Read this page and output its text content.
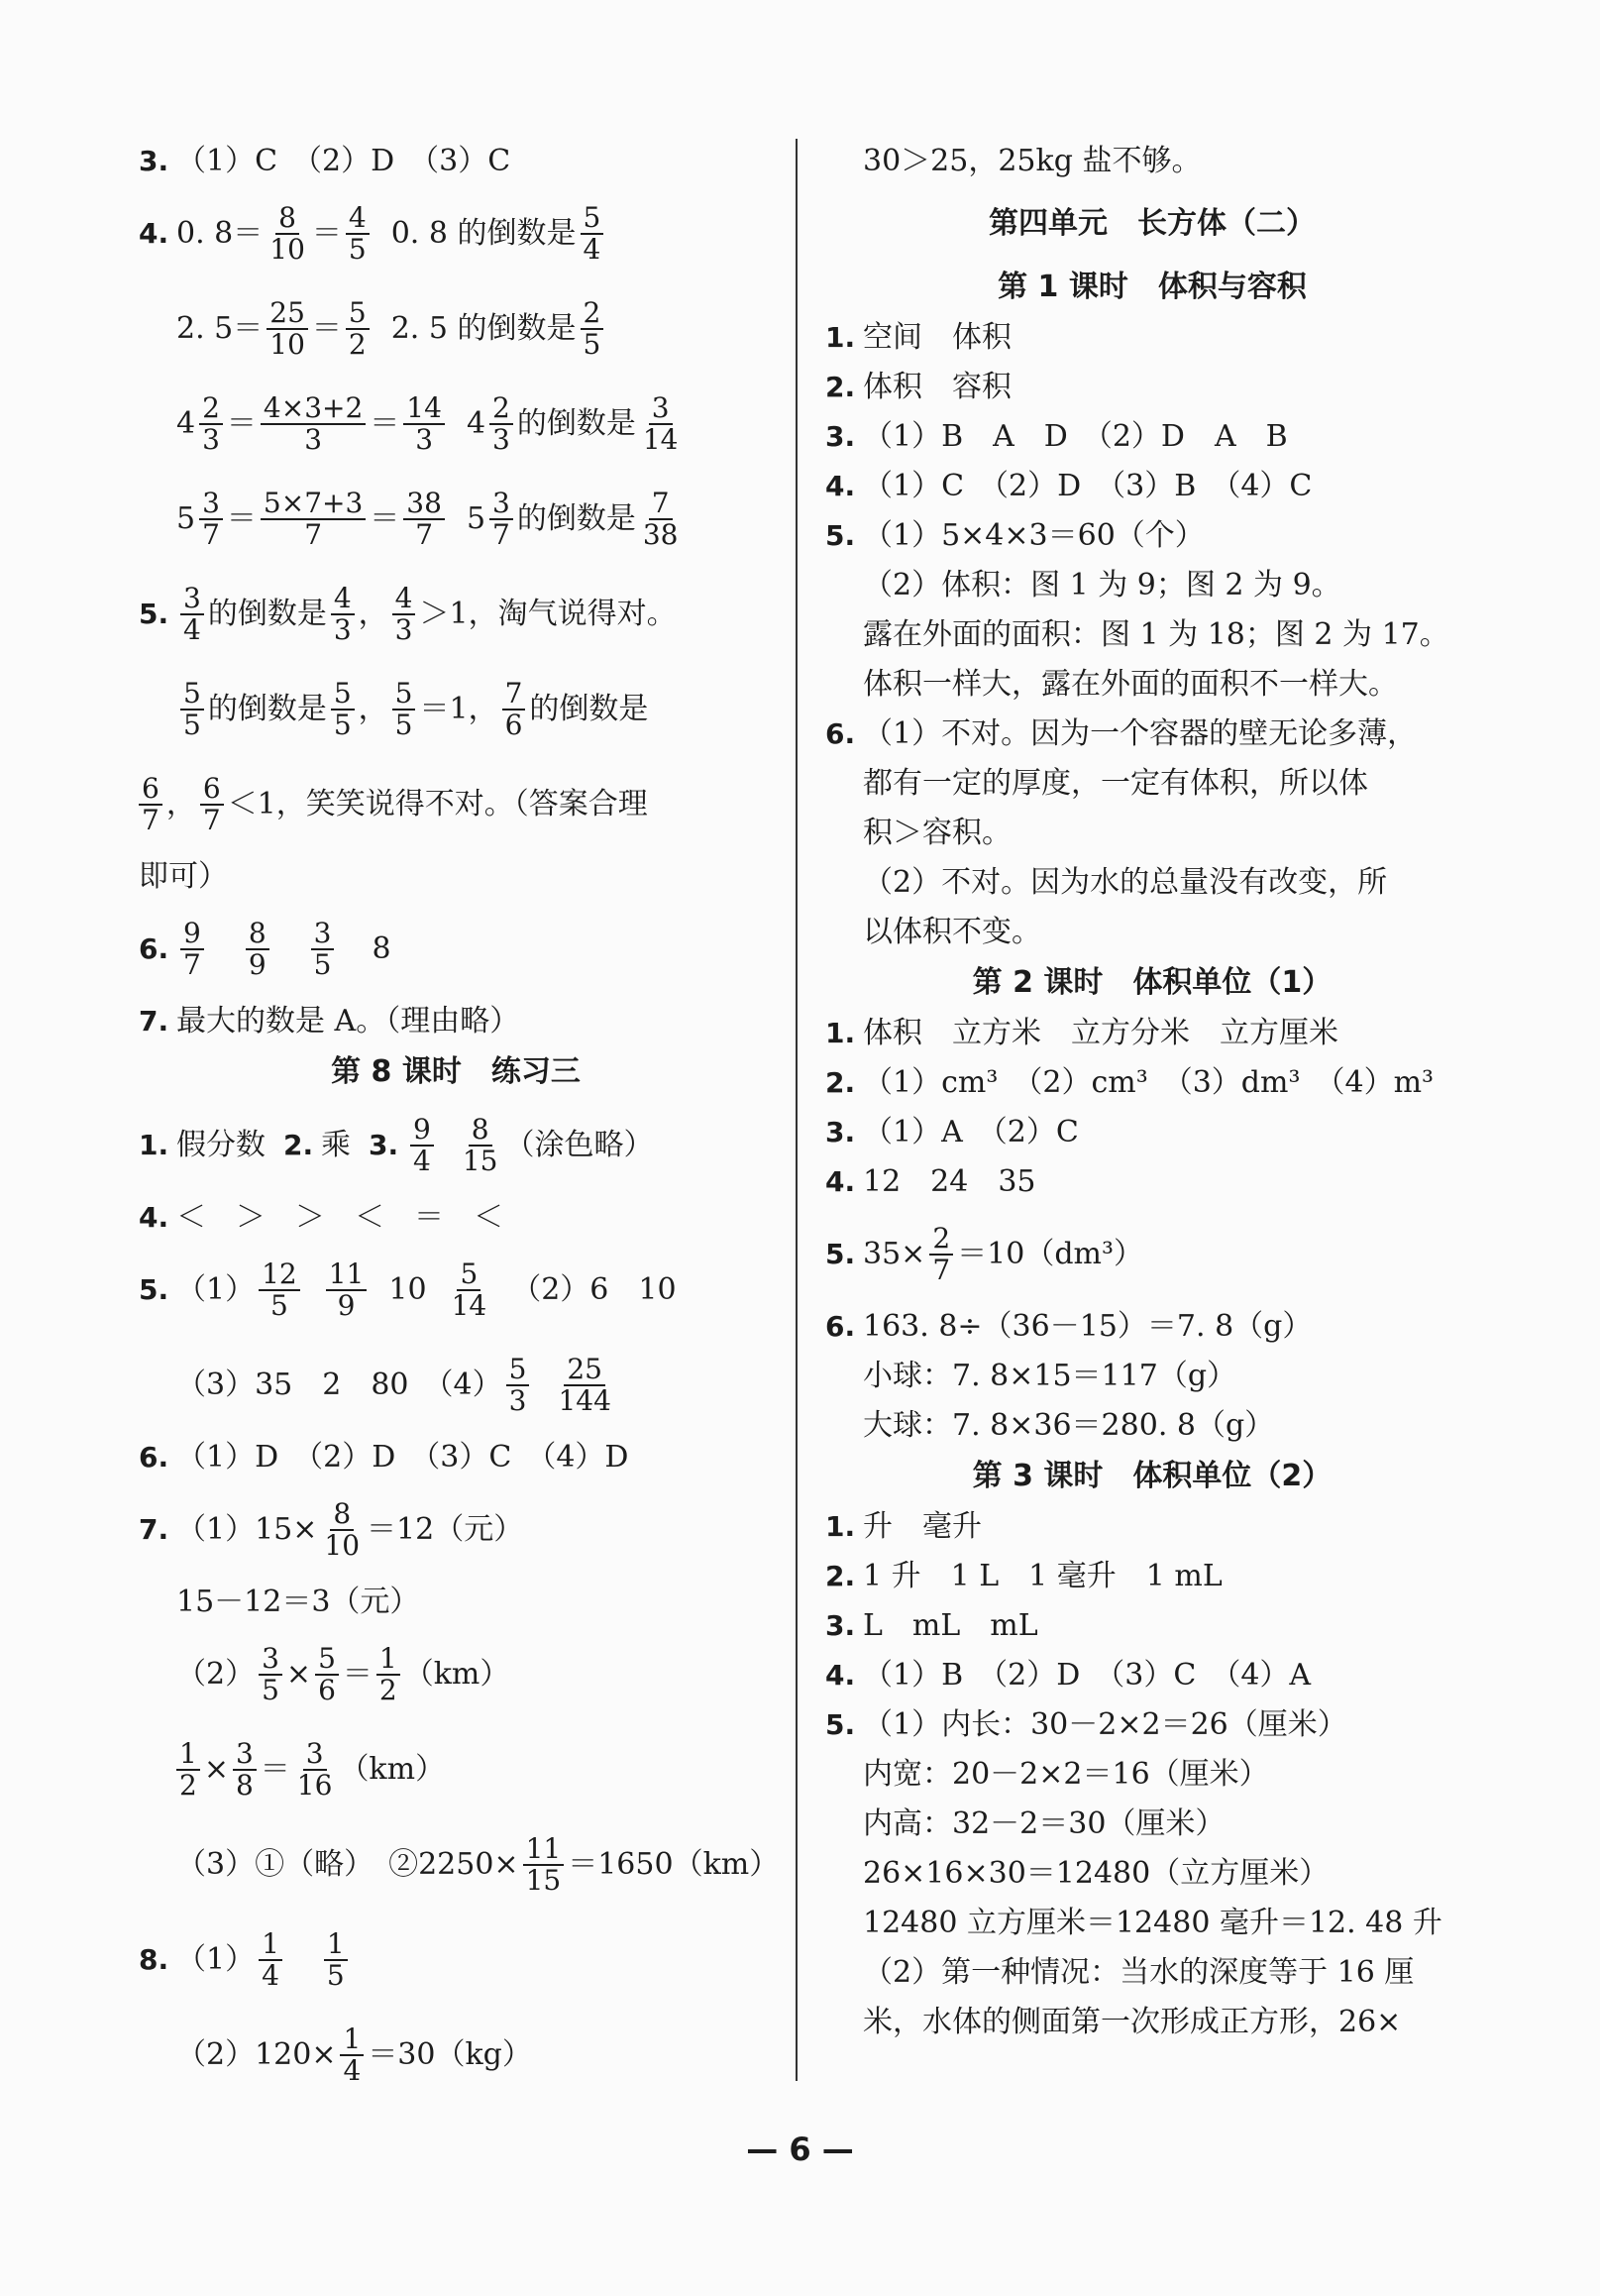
3. （1）C　（2）D　（3）C
4. 0. $8= \frac{8}{10} = \frac{4}{5} 0$. 8 的倒数是 $\frac{5}{4}$
2. $5= \frac{25}{10} = \frac{5}{2} 2$. 5 的倒数是 $\frac{2}{5}$
$4 \frac{2}{3} = \frac{4\times 3+2}{3} = \frac{14}{3} 4 \frac{2}{3}$ 的倒数是 $\frac{3}{14}$
$5 \frac{3}{7} = \frac{5\times 7+3}{7} = \frac{38}{7} 5 \frac{3}{7}$ 的倒数是 $\frac{7}{38}$
5. $\frac{3}{4}$ 的倒数是 $\frac{4}{3}$ ， $\frac{4}{3} >1$，淘气说得对。
$\frac{5}{5}$ 的倒数是 $\frac{5}{5}$ ， $\frac{5}{5} =1$， $\frac{7}{6}$ 的倒数是
$\frac{6}{7}$ ， $\frac{6}{7} <1$，笑笑说得不对。（答案合理
即可）
6. $\frac{9}{7} \frac{8}{9} \frac{3}{5} 8$
7. 最大的数是 A。（理由略）
第 8 课时　练习三
1. 假分数 2. 乘 3. $\frac{9}{4} \frac{8}{15}$ （涂色略）
4. ＜　＞　＞　＜　＝　＜
5. $(1) \frac{12}{5} \frac{11}{9} 10 \frac{5}{14} (2)6$　10
（3）35　2　80　$(4) \frac{5}{3} \frac{25}{144}$
6. （1）D　（2）D　（3）C　（4）D
7. $(1)15\times \frac{8}{10} =12$（元）
15－12＝3（元）
$(2) \frac{3}{5} \times \frac{5}{6} = \frac{1}{2} (km)$
$\frac{1}{2} \times \frac{3}{8} = \frac{3}{16} (km)$
（3）①（略）　②2250× $\frac{11}{15} =1650(km)$
8. $(1) \frac{1}{4} \frac{1}{5}$
$(2)120\times \frac{1}{4} =30(kg)$
30＞25，25kg 盐不够。
第四单元　长方体（二）
第 1 课时　体积与容积
1. 空间　体积
2. 体积　容积
3. （1）B　A　D　（2）D　A　B
4. （1）C　（2）D　（3）B　（4）C
5. （1）5×4×3＝60（个）
（2）体积：图 1 为 9；图 2 为 9。
露在外面的面积：图 1 为 18；图 2 为 17。
体积一样大，露在外面的面积不一样大。
6. （1）不对。因为一个容器的壁无论多薄，
都有一定的厚度，一定有体积，所以体
积＞容积。
（2）不对。因为水的总量没有改变，所
以体积不变。
第 2 课时　体积单位（1）
1. 体积　立方米　立方分米　立方厘米
2. （1）cm³　（2）cm³　（3）dm³　（4）m³
3. （1）A　（2）C
4. 12　24　35
5. $35\times \frac{2}{7} =10(dm^3)$
6. 163. 8÷（36－15）＝7. 8（g）
小球：7. 8×15＝117（g）
大球：7. 8×36＝280. 8（g）
第 3 课时　体积单位（2）
1. 升　毫升
2. 1 升　1 L　1 毫升　1 mL
3. L　mL　mL
4. （1）B　（2）D　（3）C　（4）A
5. （1）内长：30－2×2＝26（厘米）
内宽：20－2×2＝16（厘米）
内高：32－2＝30（厘米）
26×16×30＝12480（立方厘米）
12480 立方厘米＝12480 毫升＝12. 48 升
（2）第一种情况：当水的深度等于 16 厘
米，水体的侧面第一次形成正方形，26×
— 6 —
